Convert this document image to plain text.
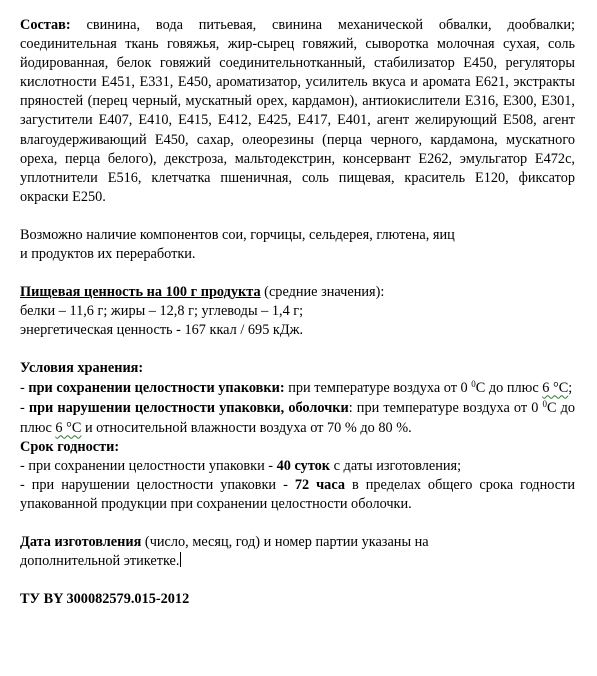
Состав: свинина, вода питьевая, свинина механической обвалки, дообвалки; соединительная ткань говяжья, жир-сырец говяжий, сыворотка молочная сухая, соль йодированная, белок говяжий соединительнотканный, стабилизатор E450, регуляторы кислотности E451, E331, E450, ароматизатор, усилитель вкуса и аромата E621, экстракты пряностей (перец черный, мускатный орех, кардамон), антиокислители E316, E300, E301, загустители E407, E410, E415, E412, E425, E417, E401, агент желирующий E508, агент влагоудерживающий E450, сахар, олеорезины (перца черного, кардамона, мускатного ореха, перца белого), декстроза, мальтодекстрин, консервант E262, эмульгатор E472c, уплотнители E516, клетчатка пшеничная, соль пищевая, краситель E120, фиксатор окраски E250.

Возможно наличие компонентов сои, горчицы, сельдерея, глютена, яиц
и продуктов их переработки.

Пищевая ценность на 100 г продукта (средние значения):
белки – 11,6 г; жиры – 12,8 г; углеводы – 1,4 г;
энергетическая ценность - 167 ккал / 695 кДж.

Условия хранения:
- при сохранении целостности упаковки: при температуре воздуха от 0 $^0$С до плюс 6 °С;
- при нарушении целостности упаковки, оболочки: при температуре воздуха от 0 $^0$С до плюс 6 °С и относительной влажности воздуха от 70 % до 80 %.

Срок годности:
- при сохранении целостности упаковки - 40 суток с даты изготовления;
- при нарушении целостности упаковки - 72 часа в пределах общего срока годности упакованной продукции при сохранении целостности оболочки.

Дата изготовления (число, месяц, год) и номер партии указаны на
дополнительной этикетке.

ТУ BY 300082579.015-2012
